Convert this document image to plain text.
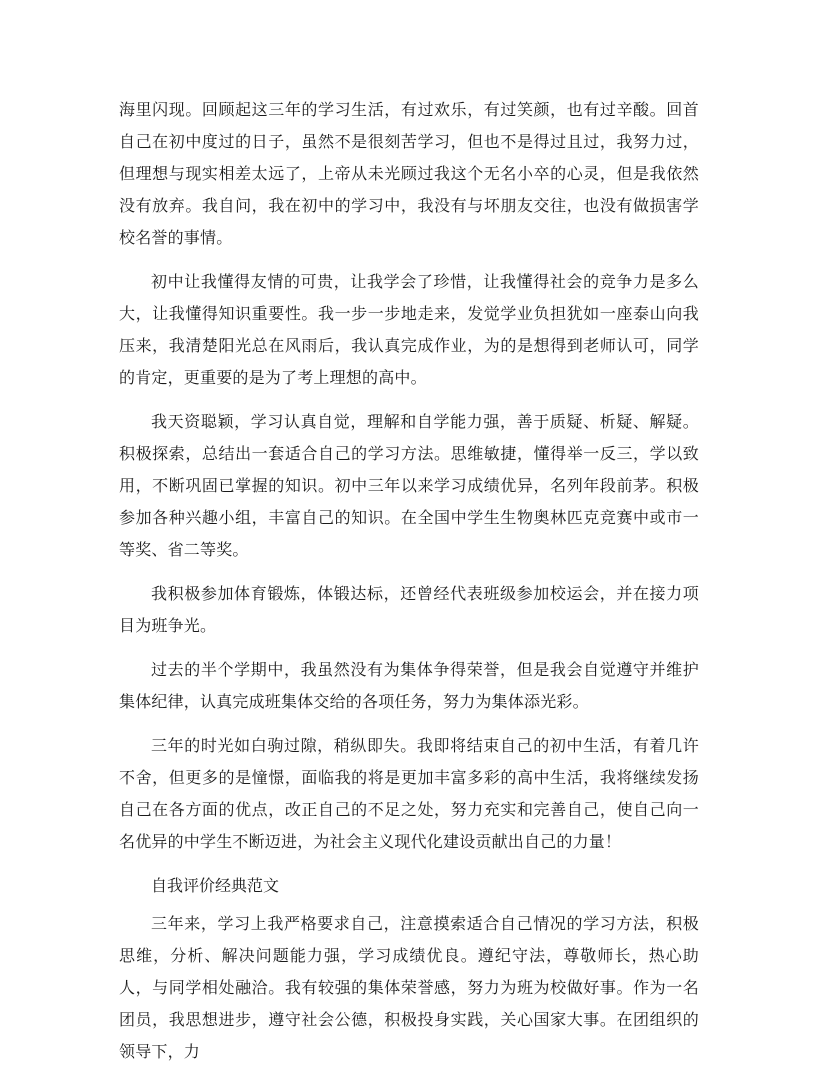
海里闪现。回顾起这三年的学习生活，有过欢乐，有过笑颜，也有过辛酸。回首自己在初中度过的日子，虽然不是很刻苦学习，但也不是得过且过，我努力过，但理想与现实相差太远了，上帝从未光顾过我这个无名小卒的心灵，但是我依然没有放弃。我自问，我在初中的学习中，我没有与坏朋友交往，也没有做损害学校名誉的事情。

初中让我懂得友情的可贵，让我学会了珍惜，让我懂得社会的竞争力是多么大，让我懂得知识重要性。我一步一步地走来，发觉学业负担犹如一座泰山向我压来，我清楚阳光总在风雨后，我认真完成作业，为的是想得到老师认可，同学的肯定，更重要的是为了考上理想的高中。

我天资聪颖，学习认真自觉，理解和自学能力强，善于质疑、析疑、解疑。积极探索，总结出一套适合自己的学习方法。思维敏捷，懂得举一反三，学以致用，不断巩固已掌握的知识。初中三年以来学习成绩优异，名列年段前茅。积极参加各种兴趣小组，丰富自己的知识。在全国中学生生物奥林匹克竞赛中或市一等奖、省二等奖。

我积极参加体育锻炼，体锻达标，还曾经代表班级参加校运会，并在接力项目为班争光。

过去的半个学期中，我虽然没有为集体争得荣誉，但是我会自觉遵守并维护集体纪律，认真完成班集体交给的各项任务，努力为集体添光彩。

三年的时光如白驹过隙，稍纵即失。我即将结束自己的初中生活，有着几许不舍，但更多的是憧憬，面临我的将是更加丰富多彩的高中生活，我将继续发扬自己在各方面的优点，改正自己的不足之处，努力充实和完善自己，使自己向一名优异的中学生不断迈进，为社会主义现代化建设贡献出自己的力量！

自我评价经典范文

三年来，学习上我严格要求自己，注意摸索适合自己情况的学习方法，积极思维，分析、解决问题能力强，学习成绩优良。遵纪守法，尊敬师长，热心助人，与同学相处融洽。我有较强的集体荣誉感，努力为班为校做好事。作为一名团员，我思想进步，遵守社会公德，积极投身实践，关心国家大事。在团组织的领导下，力
